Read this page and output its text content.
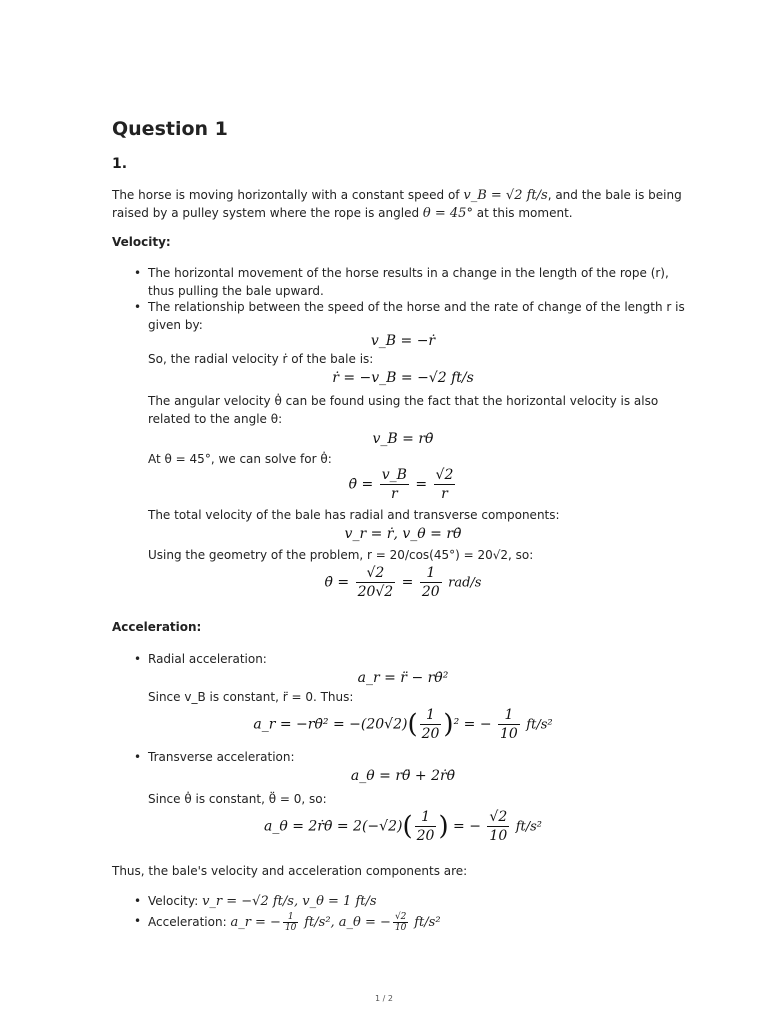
Question 1
1.
The horse is moving horizontally with a constant speed of v_B = √2 ft/s, and the bale is being
raised by a pulley system where the rope is angled θ = 45° at this moment.
Velocity:
• The horizontal movement of the horse results in a change in the length of the rope (r),
thus pulling the bale upward.
• The relationship between the speed of the horse and the rate of change of the length r is
given by:
v_B = −ṙ
So, the radial velocity ṙ of the bale is:
ṙ = −v_B = −√2 ft/s
The angular velocity θ̇ can be found using the fact that the horizontal velocity is also
related to the angle θ:
v_B = rθ̇
At θ = 45°, we can solve for θ̇:
θ̇ = $\frac{v\_B}{r} = \frac{√2}{r}$
The total velocity of the bale has radial and transverse components:
v_r = ṙ, v_θ = rθ̇
Using the geometry of the problem, r = 20/cos(45°) = 20√2, so:
θ̇ = $\frac{√2}{20√2} = \frac{1}{20} rad/s$
Acceleration:
• Radial acceleration:
a_r = r̈ − rθ̇²
Since v_B is constant, r̈ = 0. Thus:
a_r = −rθ̇² = $-(20√2)( \frac{1}{20} )^2$ = − $\frac{1}{10} ft/s^2$
• Transverse acceleration:
a_θ = rθ̈ + 2ṙθ̇
Since θ̇ is constant, θ̈ = 0, so:
a_θ = 2ṙθ̇ = $2(-√2)( \frac{1}{20}$ ) = − $\frac{√2}{10} ft/s^2$
Thus, the bale's velocity and acceleration components are:
• Velocity: v_r = −√2 ft/s, v_θ = 1 ft/s
• Acceleration: a_r = − $\frac{1}{10} ft/s^2$, a_θ = − $\frac{√2}{10} ft/s^2$
1 / 2
